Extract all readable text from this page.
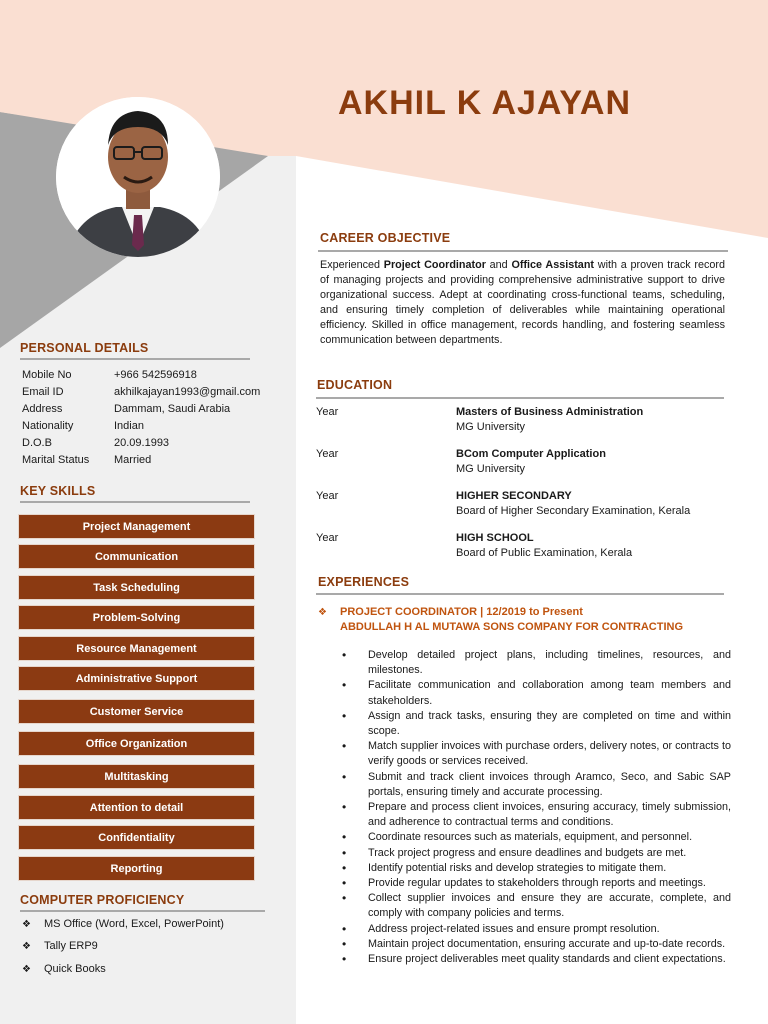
AKHIL K AJAYAN
CAREER OBJECTIVE
Experienced Project Coordinator and Office Assistant with a proven track record of managing projects and providing comprehensive administrative support to drive organizational success. Adept at coordinating cross-functional teams, scheduling, and ensuring timely completion of deliverables while maintaining operational efficiency. Skilled in office management, records handling, and fostering seamless communication between departments.
EDUCATION
Year	Masters of Business Administration
MG University
Year	BCom Computer Application
MG University
Year	HIGHER SECONDARY
Board of Higher Secondary Examination, Kerala
Year	HIGH SCHOOL
Board of Public Examination, Kerala
EXPERIENCES
❖ PROJECT COORDINATOR | 12/2019 to Present
ABDULLAH H AL MUTAWA SONS COMPANY FOR CONTRACTING
• Develop detailed project plans, including timelines, resources, and milestones.
• Facilitate communication and collaboration among team members and stakeholders.
• Assign and track tasks, ensuring they are completed on time and within scope.
• Match supplier invoices with purchase orders, delivery notes, or contracts to verify goods or services received.
• Submit and track client invoices through Aramco, Seco, and Sabic SAP portals, ensuring timely and accurate processing.
• Prepare and process client invoices, ensuring accuracy, timely submission, and adherence to contractual terms and conditions.
• Coordinate resources such as materials, equipment, and personnel.
• Track project progress and ensure deadlines and budgets are met.
• Identify potential risks and develop strategies to mitigate them.
• Provide regular updates to stakeholders through reports and meetings.
• Collect supplier invoices and ensure they are accurate, complete, and comply with company policies and terms.
• Address project-related issues and ensure prompt resolution.
• Maintain project documentation, ensuring accurate and up-to-date records.
• Ensure project deliverables meet quality standards and client expectations.
PERSONAL DETAILS
Mobile No	+966 542596918
Email ID	akhilkajayan1993@gmail.com
Address	Dammam, Saudi Arabia
Nationality	Indian
D.O.B	20.09.1993
Marital Status Married
KEY SKILLS
Project Management
Communication
Task Scheduling
Problem-Solving
Resource Management
Administrative Support
Customer Service
Office Organization
Multitasking
Attention to detail
Confidentiality
Reporting
COMPUTER PROFICIENCY
❖	MS Office (Word, Excel, PowerPoint)
❖	Tally ERP9
❖	Quick Books
